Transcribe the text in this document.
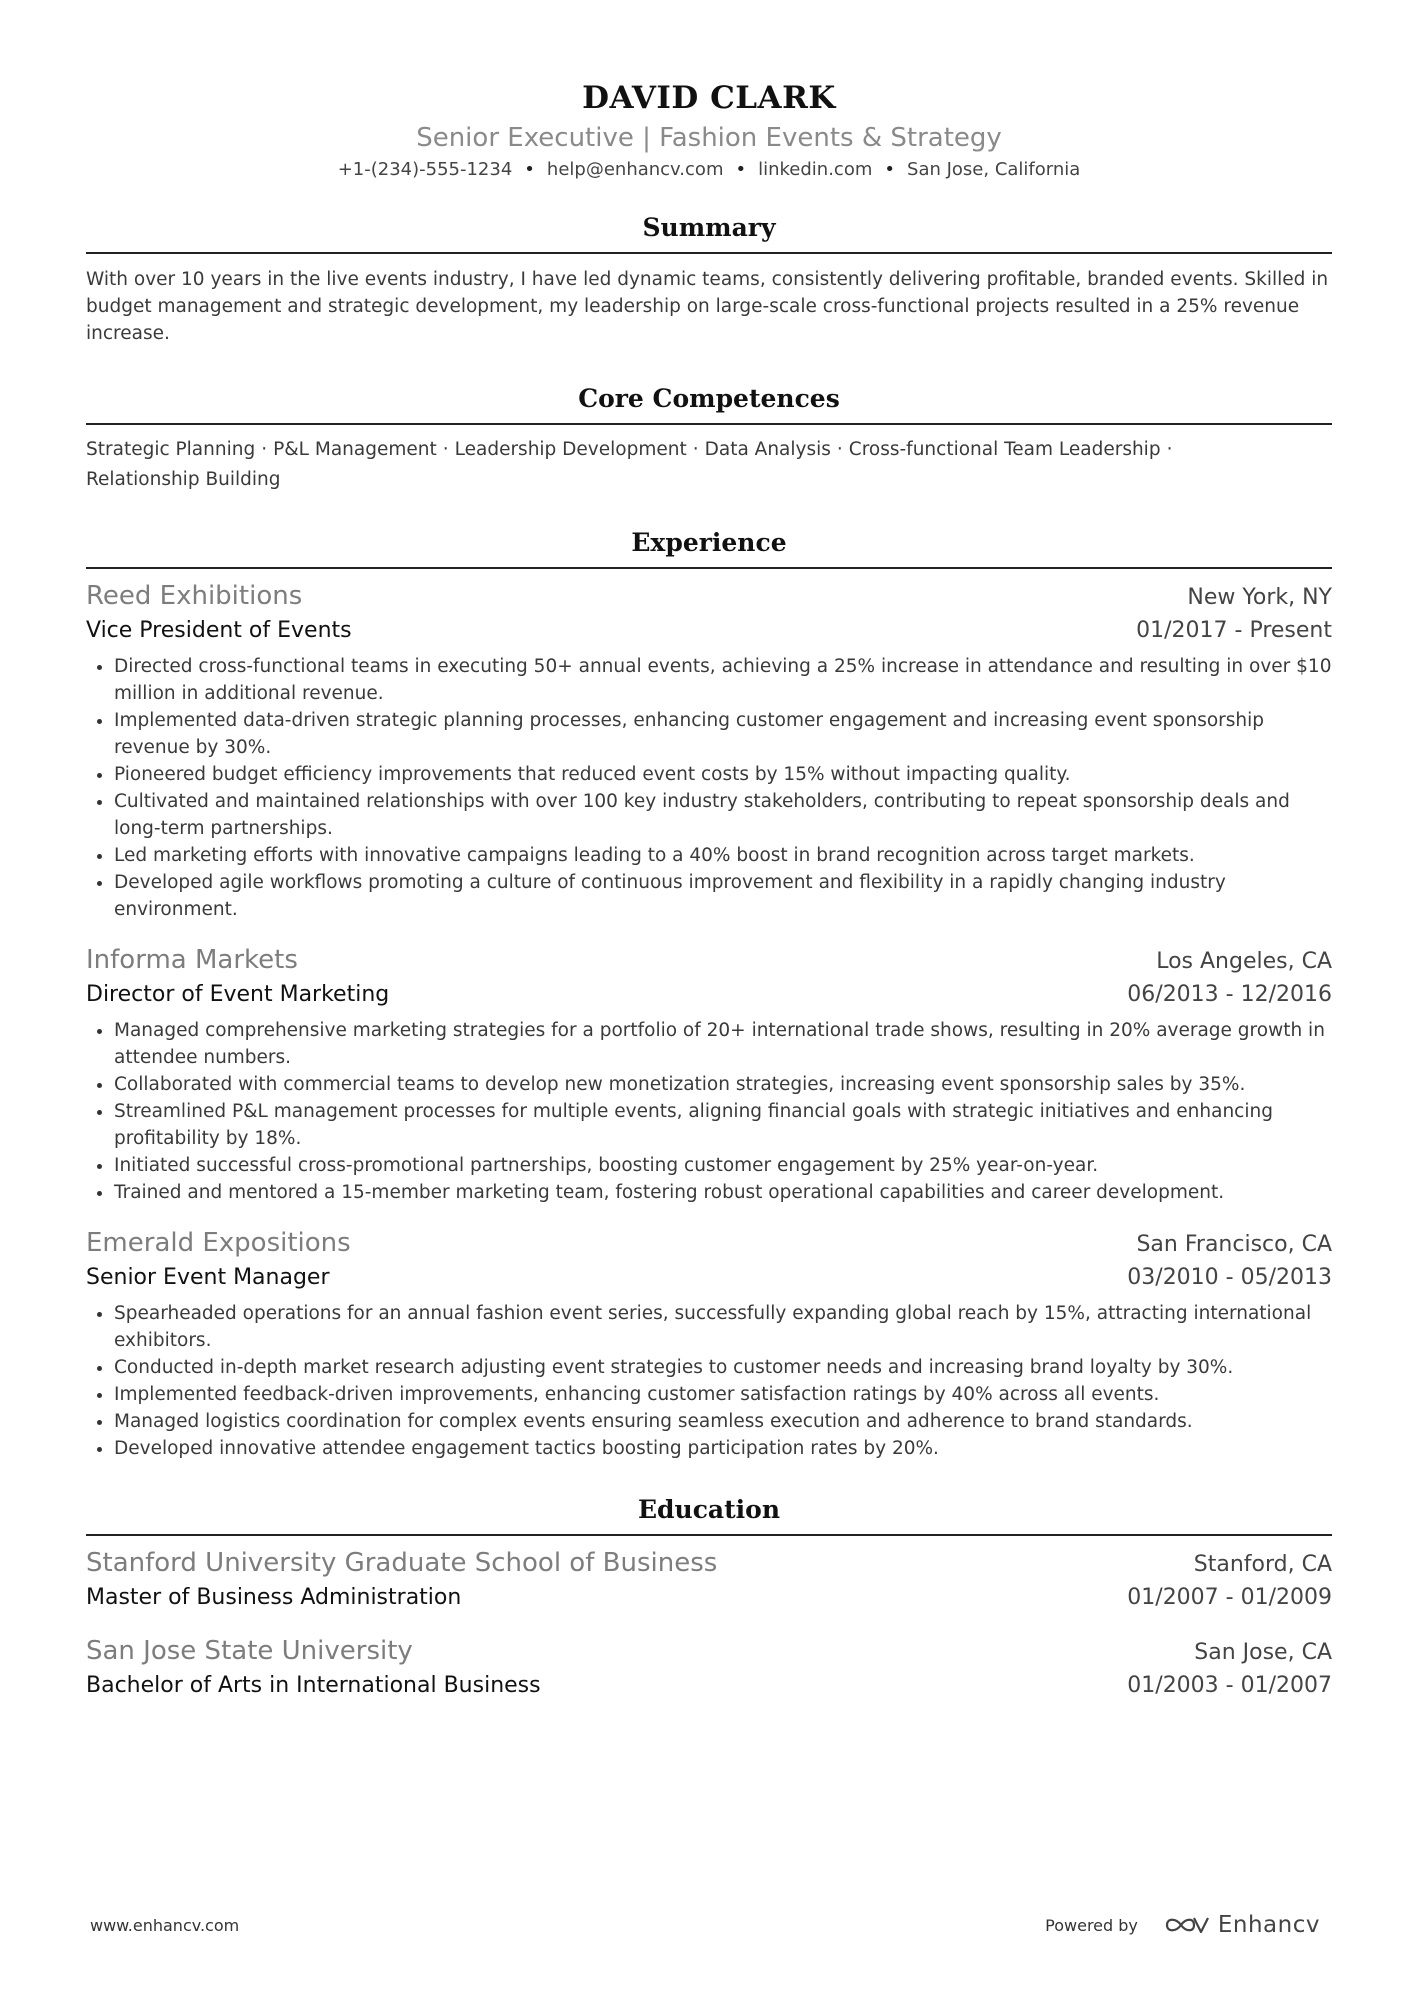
DAVID CLARK
Senior Executive | Fashion Events & Strategy
+1-(234)-555-1234 • help@enhancv.com • linkedin.com • San Jose, California
Summary
With over 10 years in the live events industry, I have led dynamic teams, consistently delivering profitable, branded events. Skilled in budget management and strategic development, my leadership on large-scale cross-functional projects resulted in a 25% revenue increase.
Core Competences
Strategic Planning · P&L Management · Leadership Development · Data Analysis · Cross-functional Team Leadership ·
Relationship Building
Experience
Reed Exhibitions	New York, NY
Vice President of Events	01/2017 - Present
• Directed cross-functional teams in executing 50+ annual events, achieving a 25% increase in attendance and resulting in over $10 million in additional revenue.
• Implemented data-driven strategic planning processes, enhancing customer engagement and increasing event sponsorship revenue by 30%.
• Pioneered budget efficiency improvements that reduced event costs by 15% without impacting quality.
• Cultivated and maintained relationships with over 100 key industry stakeholders, contributing to repeat sponsorship deals and long-term partnerships.
• Led marketing efforts with innovative campaigns leading to a 40% boost in brand recognition across target markets.
• Developed agile workflows promoting a culture of continuous improvement and flexibility in a rapidly changing industry environment.
Informa Markets	Los Angeles, CA
Director of Event Marketing	06/2013 - 12/2016
• Managed comprehensive marketing strategies for a portfolio of 20+ international trade shows, resulting in 20% average growth in attendee numbers.
• Collaborated with commercial teams to develop new monetization strategies, increasing event sponsorship sales by 35%.
• Streamlined P&L management processes for multiple events, aligning financial goals with strategic initiatives and enhancing profitability by 18%.
• Initiated successful cross-promotional partnerships, boosting customer engagement by 25% year-on-year.
• Trained and mentored a 15-member marketing team, fostering robust operational capabilities and career development.
Emerald Expositions	San Francisco, CA
Senior Event Manager	03/2010 - 05/2013
• Spearheaded operations for an annual fashion event series, successfully expanding global reach by 15%, attracting international exhibitors.
• Conducted in-depth market research adjusting event strategies to customer needs and increasing brand loyalty by 30%.
• Implemented feedback-driven improvements, enhancing customer satisfaction ratings by 40% across all events.
• Managed logistics coordination for complex events ensuring seamless execution and adherence to brand standards.
• Developed innovative attendee engagement tactics boosting participation rates by 20%.
Education
Stanford University Graduate School of Business	Stanford, CA
Master of Business Administration	01/2007 - 01/2009
San Jose State University	San Jose, CA
Bachelor of Arts in International Business	01/2003 - 01/2007
www.enhancv.com	Powered by	Enhancv
